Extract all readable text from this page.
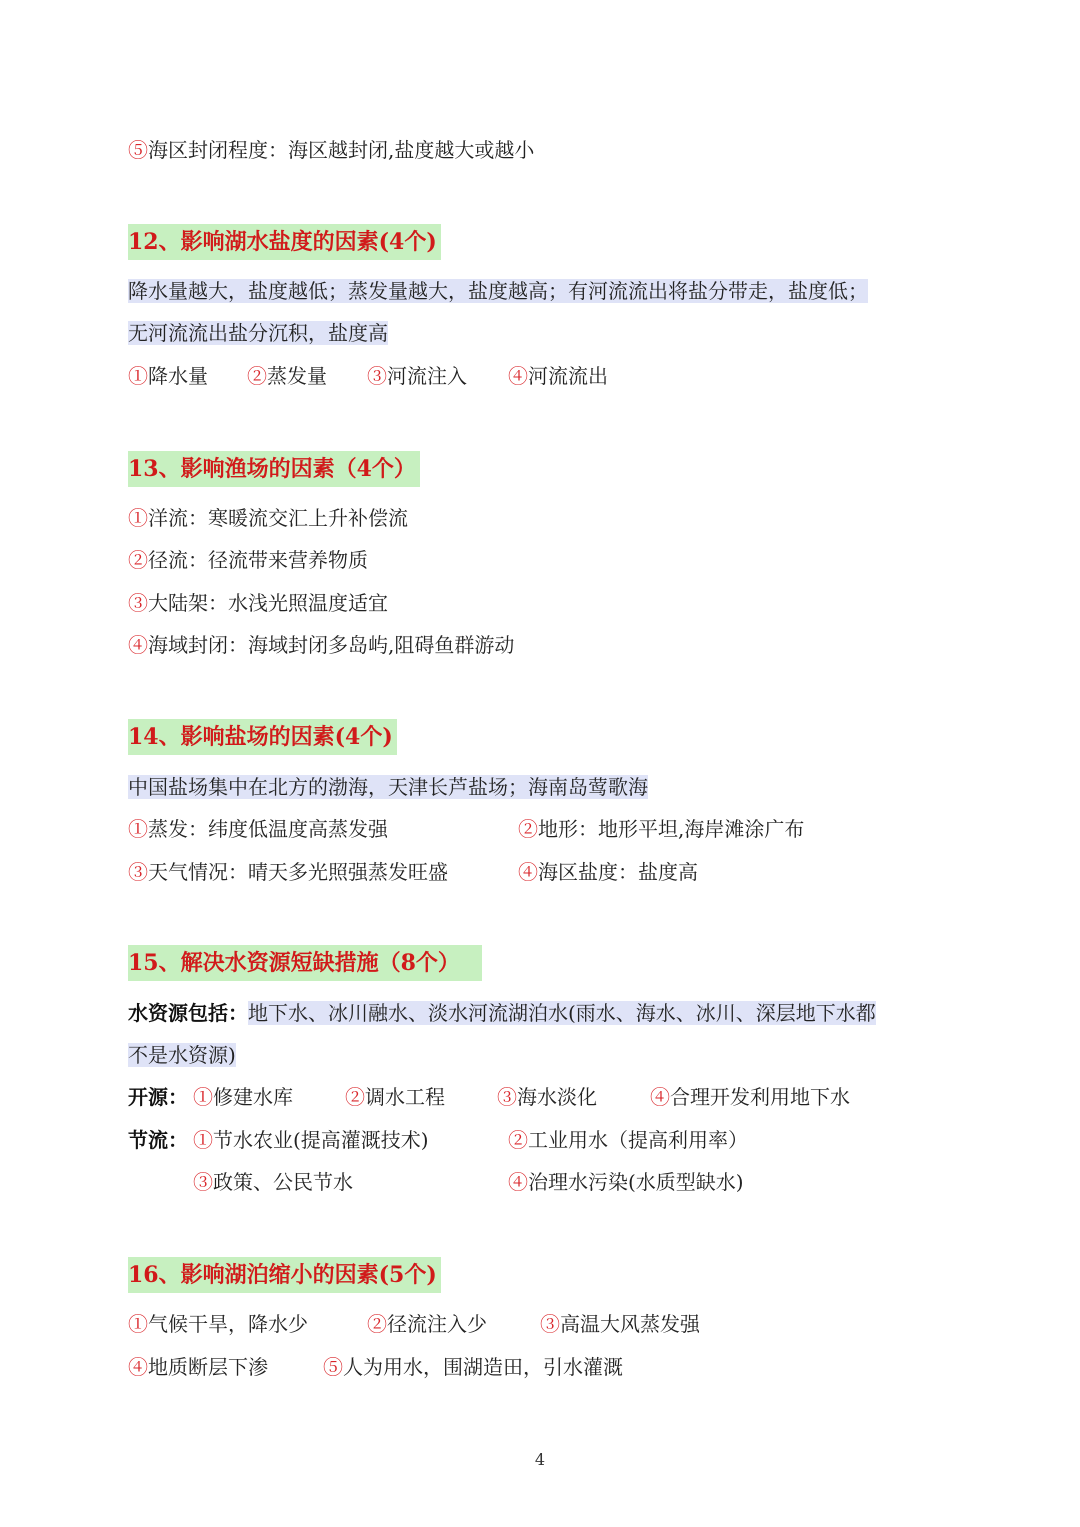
⑤海区封闭程度：海区越封闭,盐度越大或越小
12、影响湖水盐度的因素(4个)
降水量越大，盐度越低；蒸发量越大，盐度越高；有河流流出将盐分带走，盐度低；
无河流流出盐分沉积，盐度高
①降水量 ②蒸发量 ③河流注入 ④河流流出
13、影响渔场的因素（4个）
①洋流：寒暖流交汇上升补偿流
②径流：径流带来营养物质
③大陆架：水浅光照温度适宜
④海域封闭：海域封闭多岛屿,阻碍鱼群游动
14、影响盐场的因素(4个)
中国盐场集中在北方的渤海，天津长芦盐场；海南岛莺歌海
①蒸发：纬度低温度高蒸发强	②地形：地形平坦,海岸滩涂广布
③天气情况：晴天多光照强蒸发旺盛	④海区盐度：盐度高
15、解决水资源短缺措施（8个）
水资源包括：地下水、冰川融水、淡水河流湖泊水(雨水、海水、冰川、深层地下水都
不是水资源)
开源： ①修建水库	②调水工程	③海水淡化	④合理开发利用地下水
节流： ①节水农业(提高灌溉技术)	②工业用水（提高利用率）
③政策、公民节水	④治理水污染(水质型缺水)
16、影响湖泊缩小的因素(5个)
①气候干旱，降水少	②径流注入少	③高温大风蒸发强
④地质断层下渗	⑤人为用水，围湖造田，引水灌溉
4
